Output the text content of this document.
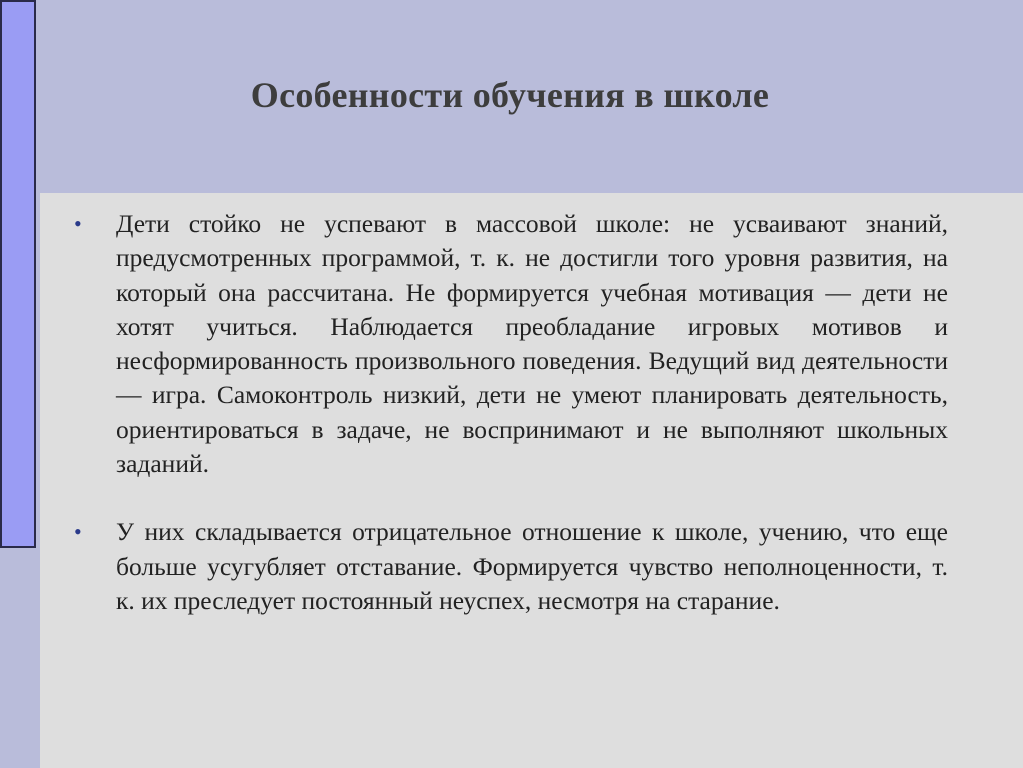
Особенности обучения в школе
• Дети стойко не успевают в массовой школе: не усваивают знаний, предусмотренных программой, т. к. не достигли того уровня развития, на который она рассчитана. Не формируется учебная мотивация — дети не хотят учиться. Наблюдается преобладание игровых мотивов и несформированность произвольного поведения. Ведущий вид деятельности — игра. Самоконтроль низкий, дети не умеют планировать деятельность, ориентироваться в задаче, не воспринимают и не выполняют школьных заданий.
• У них складывается отрицательное отношение к школе, учению, что еще больше усугубляет отставание. Формируется чувство неполноценности, т. к. их преследует постоянный неуспех, несмотря на старание.
